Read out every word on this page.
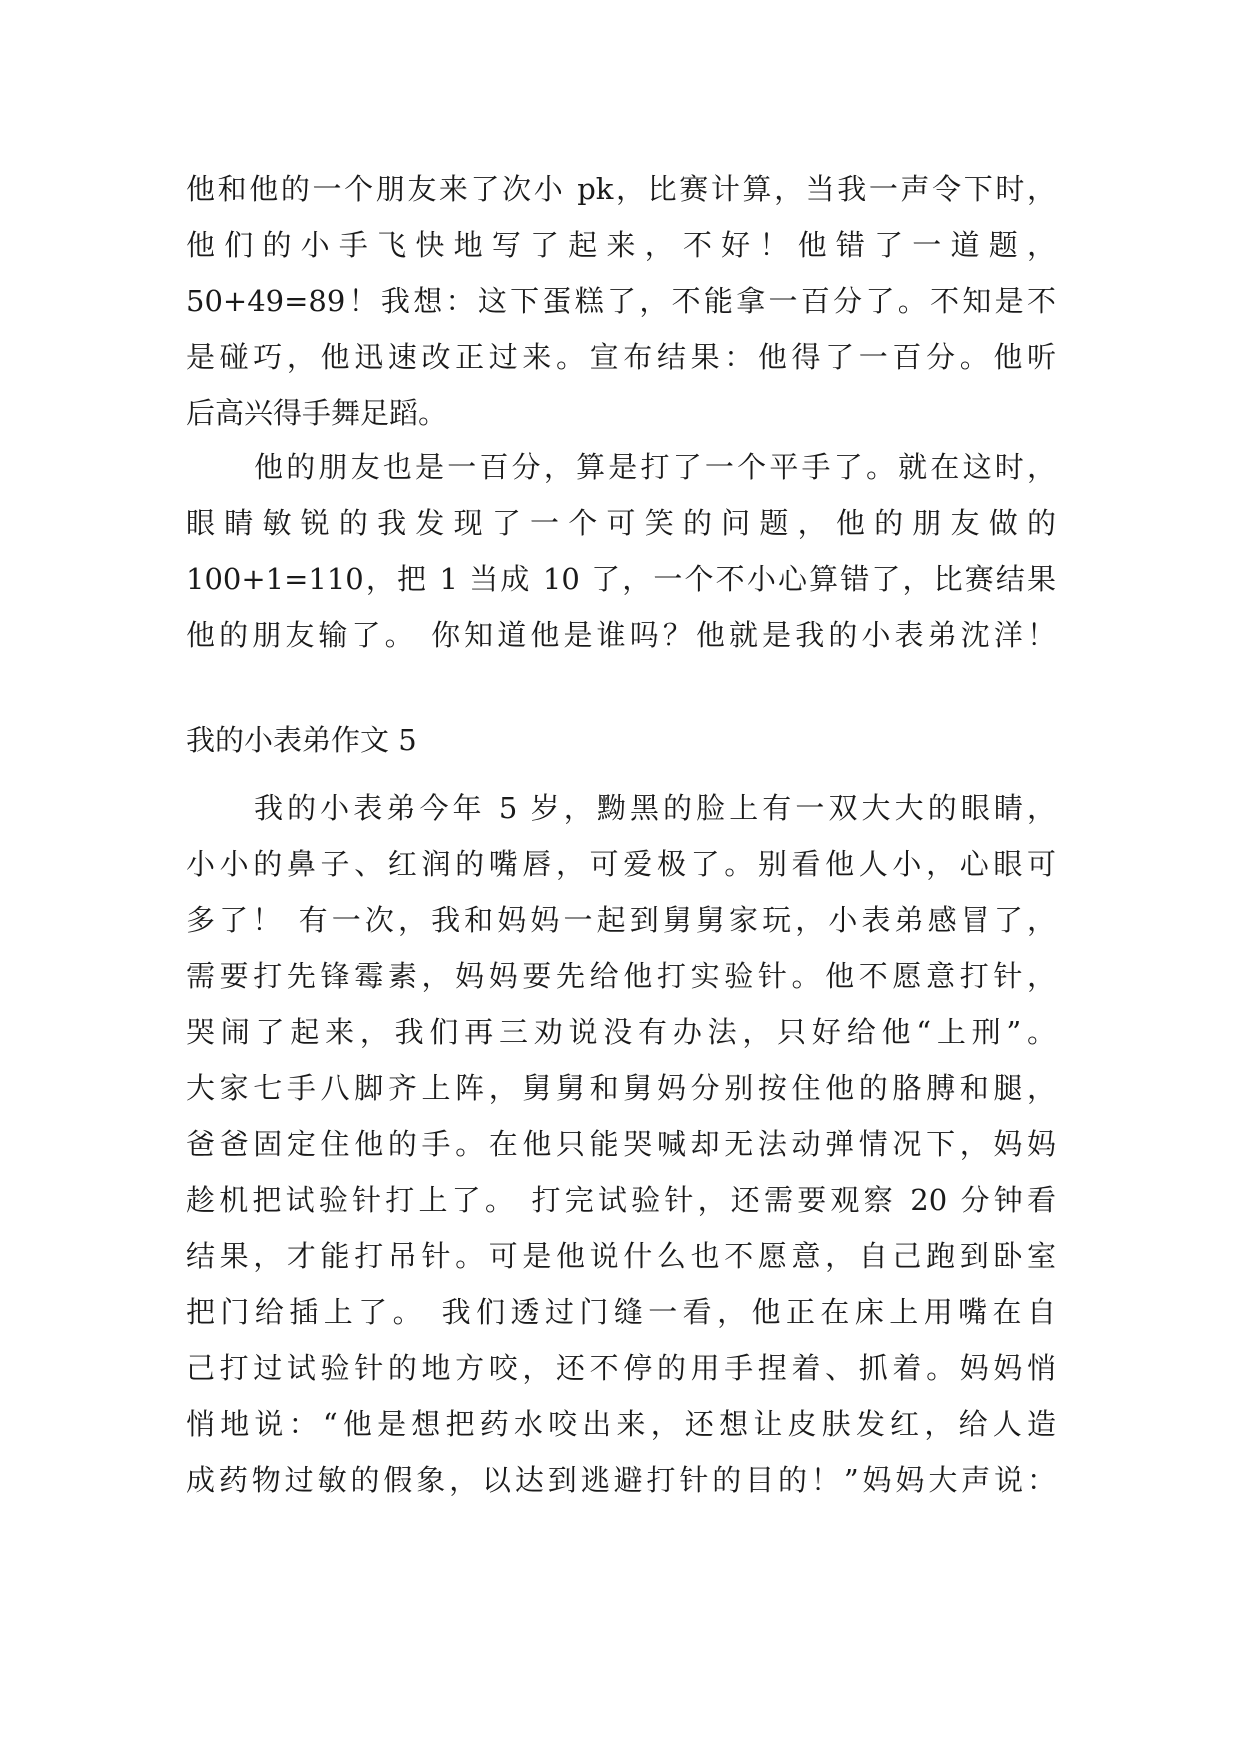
他和他的一个朋友来了次小 pk，比赛计算，当我一声令下时，
他们的小手飞快地写了起来，不好！他错了一道题，
50+49=89！我想：这下蛋糕了，不能拿一百分了。不知是不
是碰巧，他迅速改正过来。宣布结果：他得了一百分。他听
后高兴得手舞足蹈。
他的朋友也是一百分，算是打了一个平手了。就在这时，
眼睛敏锐的我发现了一个可笑的问题，他的朋友做的
100+1=110，把 1 当成 10 了，一个不小心算错了，比赛结果
他的朋友输了。 你知道他是谁吗？他就是我的小表弟沈洋！
我的小表弟作文 5
我的小表弟今年 5 岁，黝黑的脸上有一双大大的眼睛，
小小的鼻子、红润的嘴唇，可爱极了。别看他人小，心眼可
多了！ 有一次，我和妈妈一起到舅舅家玩，小表弟感冒了，
需要打先锋霉素，妈妈要先给他打实验针。他不愿意打针，
哭闹了起来，我们再三劝说没有办法，只好给他“上刑”。
大家七手八脚齐上阵，舅舅和舅妈分别按住他的胳膊和腿，
爸爸固定住他的手。在他只能哭喊却无法动弹情况下，妈妈
趁机把试验针打上了。 打完试验针，还需要观察 20 分钟看
结果，才能打吊针。可是他说什么也不愿意，自己跑到卧室
把门给插上了。 我们透过门缝一看，他正在床上用嘴在自
己打过试验针的地方咬，还不停的用手捏着、抓着。妈妈悄
悄地说：“他是想把药水咬出来，还想让皮肤发红，给人造
成药物过敏的假象，以达到逃避打针的目的！”妈妈大声说：
